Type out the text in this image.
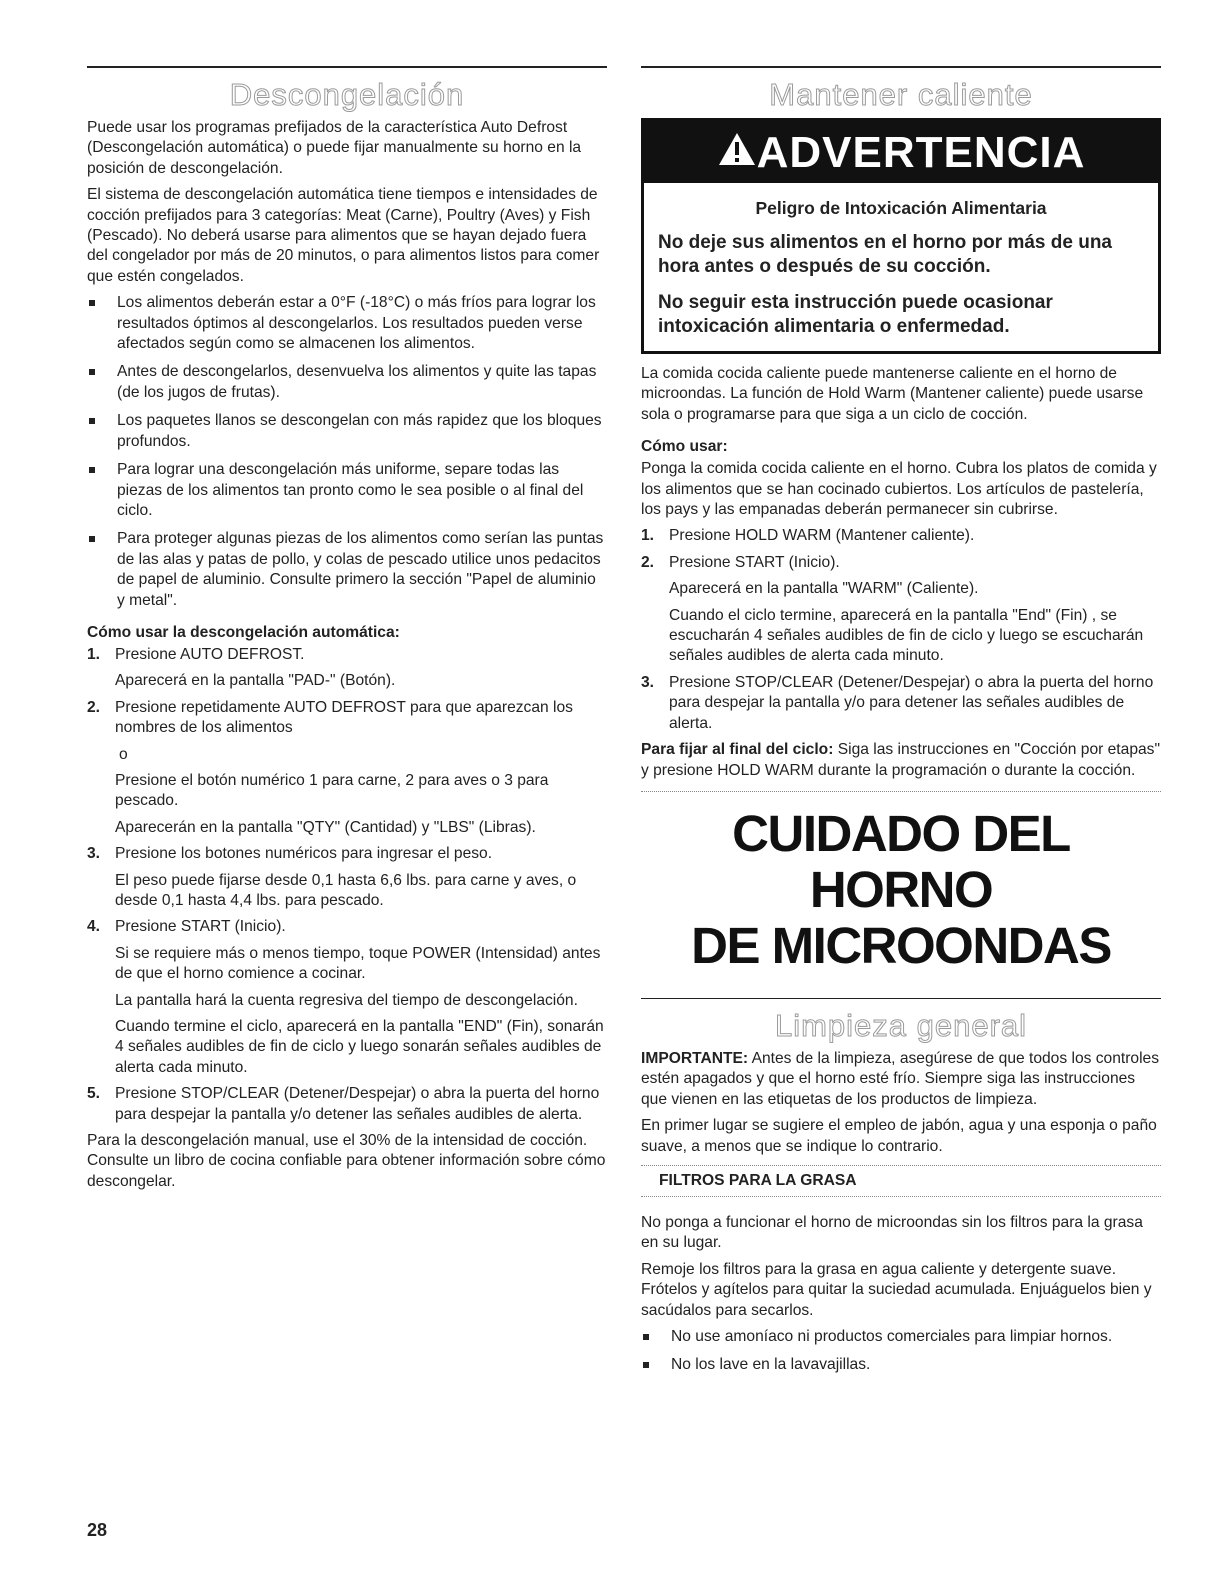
Descongelación

Puede usar los programas prefijados de la característica Auto Defrost (Descongelación automática) o puede fijar manualmente su horno en la posición de descongelación.

El sistema de descongelación automática tiene tiempos e intensidades de cocción prefijados para 3 categorías: Meat (Carne), Poultry (Aves) y Fish (Pescado). No deberá usarse para alimentos que se hayan dejado fuera del congelador por más de 20 minutos, o para alimentos listos para comer que estén congelados.

Los alimentos deberán estar a 0°F (-18°C) o más fríos para lograr los resultados óptimos al descongelarlos. Los resultados pueden verse afectados según como se almacenen los alimentos.
Antes de descongelarlos, desenvuelva los alimentos y quite las tapas (de los jugos de frutas).
Los paquetes llanos se descongelan con más rapidez que los bloques profundos.
Para lograr una descongelación más uniforme, separe todas las piezas de los alimentos tan pronto como le sea posible o al final del ciclo.
Para proteger algunas piezas de los alimentos como serían las puntas de las alas y patas de pollo, y colas de pescado utilice unos pedacitos de papel de aluminio. Consulte primero la sección "Papel de aluminio y metal".
Cómo usar la descongelación automática:
1. Presione AUTO DEFROST.

Aparecerá en la pantalla "PAD-" (Botón).

2. Presione repetidamente AUTO DEFROST para que aparezcan los nombres de los alimentos

o

Presione el botón numérico 1 para carne, 2 para aves o 3 para pescado.

Aparecerán en la pantalla "QTY" (Cantidad) y "LBS" (Libras).

3. Presione los botones numéricos para ingresar el peso.

El peso puede fijarse desde 0,1 hasta 6,6 lbs. para carne y aves, o desde 0,1 hasta 4,4 lbs. para pescado.

4. Presione START (Inicio).

Si se requiere más o menos tiempo, toque POWER (Intensidad) antes de que el horno comience a cocinar.

La pantalla hará la cuenta regresiva del tiempo de descongelación.

Cuando termine el ciclo, aparecerá en la pantalla "END" (Fin), sonarán 4 señales audibles de fin de ciclo y luego sonarán señales audibles de alerta cada minuto.

5. Presione STOP/CLEAR (Detener/Despejar) o abra la puerta del horno para despejar la pantalla y/o detener las señales audibles de alerta.

Para la descongelación manual, use el 30% de la intensidad de cocción. Consulte un libro de cocina confiable para obtener información sobre cómo descongelar.

Mantener caliente
ADVERTENCIA
Peligro de Intoxicación Alimentaria

No deje sus alimentos en el horno por más de una hora antes o después de su cocción.

No seguir esta instrucción puede ocasionar intoxicación alimentaria o enfermedad.

La comida cocida caliente puede mantenerse caliente en el horno de microondas. La función de Hold Warm (Mantener caliente) puede usarse sola o programarse para que siga a un ciclo de cocción.

Cómo usar:

Ponga la comida cocida caliente en el horno. Cubra los platos de comida y los alimentos que se han cocinado cubiertos. Los artículos de pastelería, los pays y las empanadas deberán permanecer sin cubrirse.

1. Presione HOLD WARM (Mantener caliente).

2. Presione START (Inicio).

Aparecerá en la pantalla "WARM" (Caliente).

Cuando el ciclo termine, aparecerá en la pantalla "End" (Fin) , se escucharán 4 señales audibles de fin de ciclo y luego se escucharán señales audibles de alerta cada minuto.

3. Presione STOP/CLEAR (Detener/Despejar) o abra la puerta del horno para despejar la pantalla y/o para detener las señales audibles de alerta.

Para fijar al final del ciclo: Siga las instrucciones en "Cocción por etapas" y presione HOLD WARM durante la programación o durante la cocción.

CUIDADO DEL HORNO
DE MICROONDAS
Limpieza general

IMPORTANTE: Antes de la limpieza, asegúrese de que todos los controles estén apagados y que el horno esté frío. Siempre siga las instrucciones que vienen en las etiquetas de los productos de limpieza.

En primer lugar se sugiere el empleo de jabón, agua y una esponja o paño suave, a menos que se indique lo contrario.

FILTROS PARA LA GRASA

No ponga a funcionar el horno de microondas sin los filtros para la grasa en su lugar.

Remoje los filtros para la grasa en agua caliente y detergente suave. Frótelos y agítelos para quitar la suciedad acumulada. Enjuáguelos bien y sacúdalos para secarlos.

No use amoníaco ni productos comerciales para limpiar hornos.
No los lave en la lavavajillas.
28
